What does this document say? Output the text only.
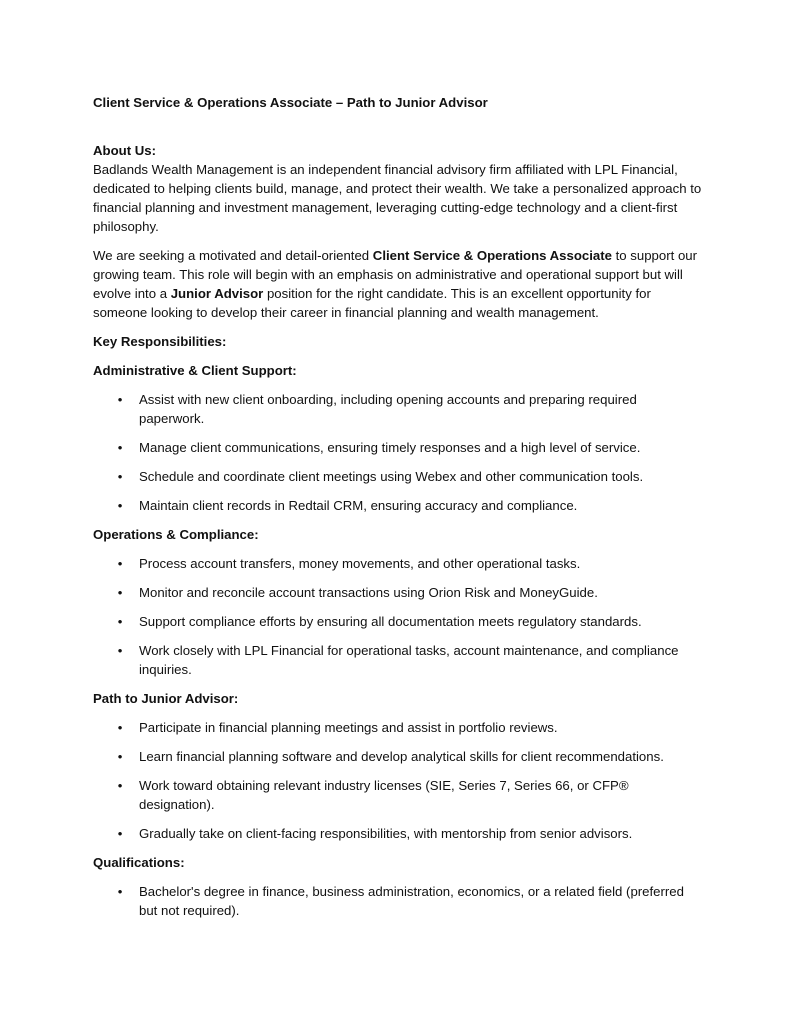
Client Service & Operations Associate – Path to Junior Advisor

About Us:

Badlands Wealth Management is an independent financial advisory firm affiliated with LPL Financial, dedicated to helping clients build, manage, and protect their wealth. We take a personalized approach to financial planning and investment management, leveraging cutting-edge technology and a client-first philosophy.

We are seeking a motivated and detail-oriented Client Service & Operations Associate to support our growing team. This role will begin with an emphasis on administrative and operational support but will evolve into a Junior Advisor position for the right candidate. This is an excellent opportunity for someone looking to develop their career in financial planning and wealth management.

Key Responsibilities:

Administrative & Client Support:

• Assist with new client onboarding, including opening accounts and preparing required paperwork.
• Manage client communications, ensuring timely responses and a high level of service.
• Schedule and coordinate client meetings using Webex and other communication tools.
• Maintain client records in Redtail CRM, ensuring accuracy and compliance.

Operations & Compliance:

• Process account transfers, money movements, and other operational tasks.
• Monitor and reconcile account transactions using Orion Risk and MoneyGuide.
• Support compliance efforts by ensuring all documentation meets regulatory standards.
• Work closely with LPL Financial for operational tasks, account maintenance, and compliance inquiries.

Path to Junior Advisor:

• Participate in financial planning meetings and assist in portfolio reviews.
• Learn financial planning software and develop analytical skills for client recommendations.
• Work toward obtaining relevant industry licenses (SIE, Series 7, Series 66, or CFP® designation).
• Gradually take on client-facing responsibilities, with mentorship from senior advisors.

Qualifications:

• Bachelor's degree in finance, business administration, economics, or a related field (preferred but not required).
